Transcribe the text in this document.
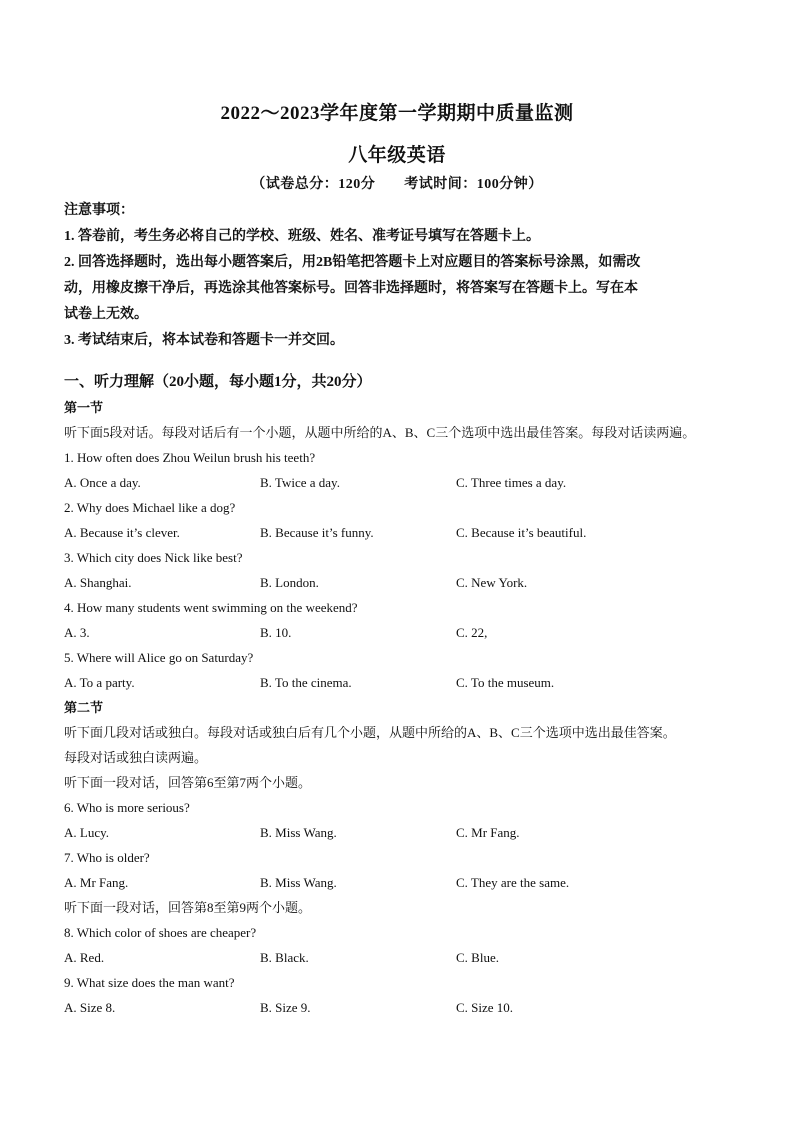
2022～2023学年度第一学期期中质量监测
八年级英语
（试卷总分：120分　　考试时间：100分钟）
注意事项：
1. 答卷前，考生务必将自己的学校、班级、姓名、准考证号填写在答题卡上。
2. 回答选择题时，选出每小题答案后，用2B铅笔把答题卡上对应题目的答案标号涂黑，如需改
动，用橡皮擦干净后，再选涂其他答案标号。回答非选择题时，将答案写在答题卡上。写在本
试卷上无效。
3. 考试结束后，将本试卷和答题卡一并交回。
一、听力理解（20小题，每小题1分，共20分）
第一节
听下面5段对话。每段对话后有一个小题，从题中所给的A、B、C三个选项中选出最佳答案。每段对话读两遍。
1. How often does Zhou Weilun brush his teeth?
A. Once a day.	B. Twice a day.	C. Three times a day.
2. Why does Michael like a dog?
A. Because it’s clever.	B. Because it’s funny.	C. Because it’s beautiful.
3. Which city does Nick like best?
A. Shanghai.	B. London.	C. New York.
4. How many students went swimming on the weekend?
A. 3.	B. 10.	C. 22,
5. Where will Alice go on Saturday?
A. To a party.	B. To the cinema.	C. To the museum.
第二节
听下面几段对话或独白。每段对话或独白后有几个小题，从题中所给的A、B、C三个选项中选出最佳答案。
每段对话或独白读两遍。
听下面一段对话，回答第6至第7两个小题。
6. Who is more serious?
A. Lucy.	B. Miss Wang.	C. Mr Fang.
7. Who is older?
A. Mr Fang.	B. Miss Wang.	C. They are the same.
听下面一段对话，回答第8至第9两个小题。
8. Which color of shoes are cheaper?
A. Red.	B. Black.	C. Blue.
9. What size does the man want?
A. Size 8.	B. Size 9.	C. Size 10.
